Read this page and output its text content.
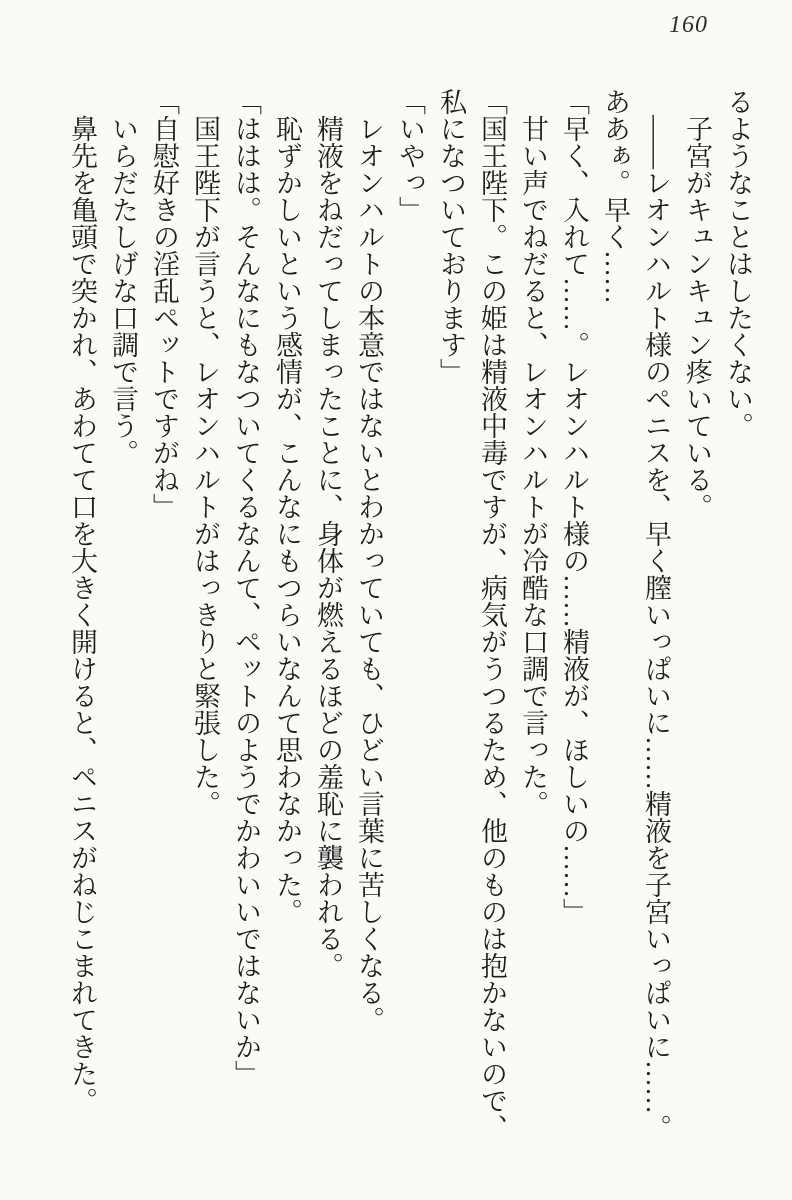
160

るようなことはしたくない。

子宮がキュンキュン疼いている。

――レオンハルト様のペニスを、早く膣いっぱいに……精液を子宮いっぱいに……。

ああぁ。早く……

「早く、入れて……。レオンハルト様の……精液が、ほしいの……」

甘い声でねだると、レオンハルトが冷酷な口調で言った。

「国王陛下。この姫は精液中毒ですが、病気がうつるため、他のものは抱かないので、私になついております」

「いやっ」

レオンハルトの本意ではないとわかっていても、ひどい言葉に苦しくなる。

精液をねだってしまったことに、身体が燃えるほどの羞恥に襲われる。

恥ずかしいという感情が、こんなにもつらいなんて思わなかった。

「ははは。そんなにもなついてくるなんて、ペットのようでかわいいではないか」

国王陛下が言うと、レオンハルトがはっきりと緊張した。

「自慰好きの淫乱ペットですがね」

いらだたしげな口調で言う。

鼻先を亀頭で突かれ、あわてて口を大きく開けると、ペニスがねじこまれてきた。
